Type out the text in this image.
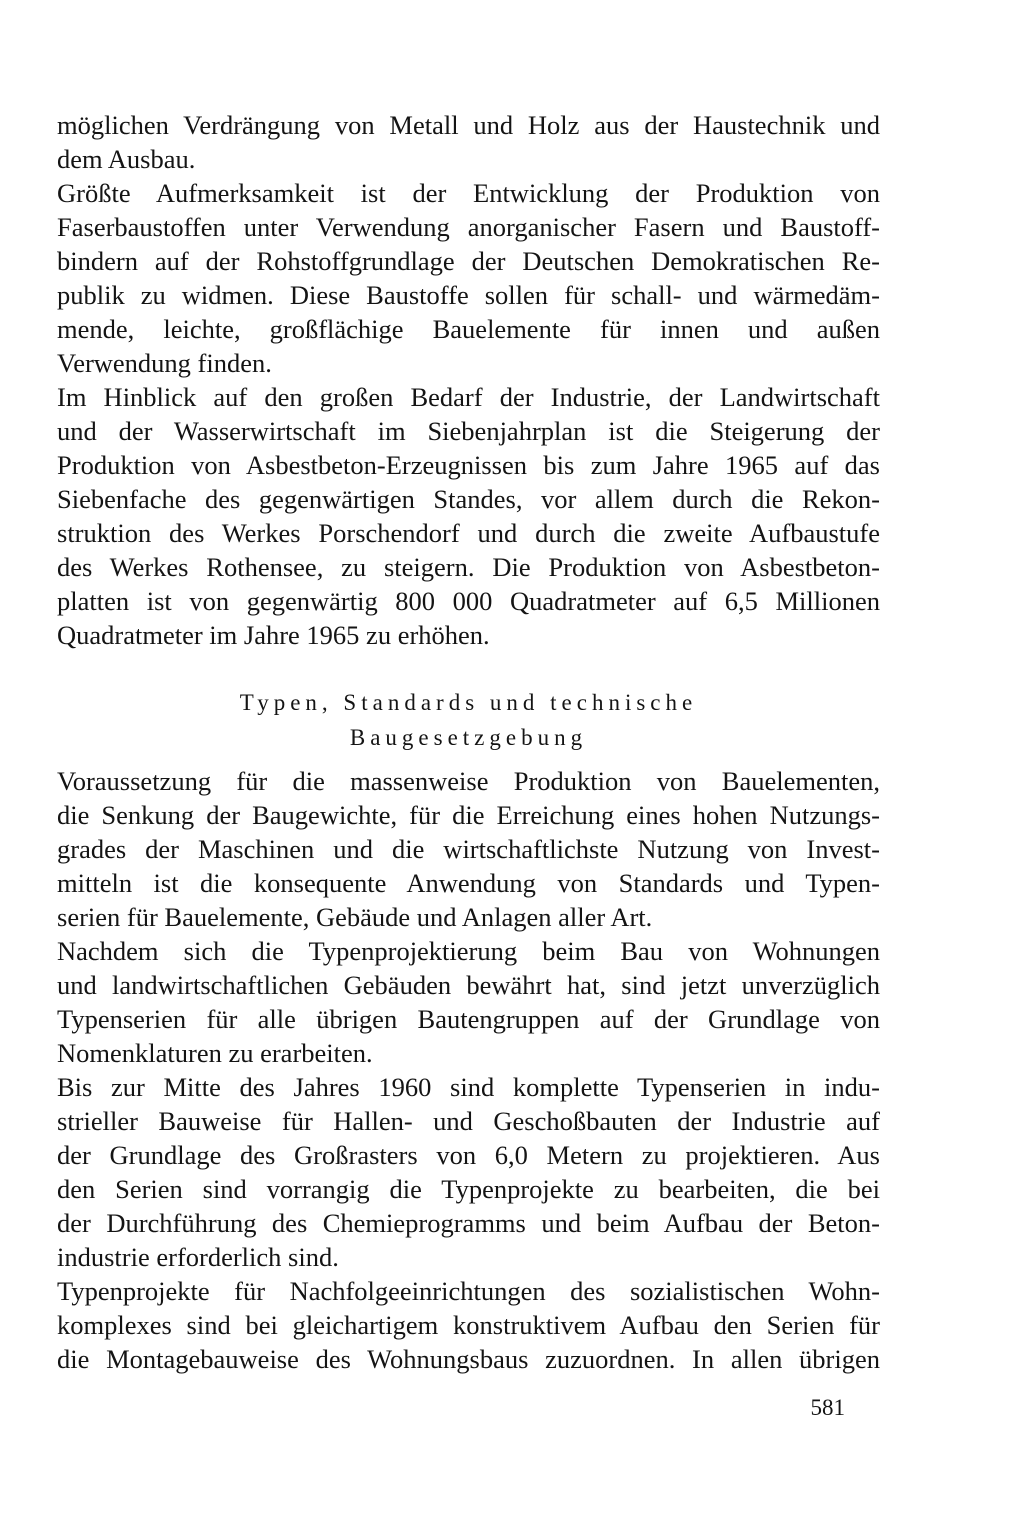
möglichen Verdrängung von Metall und Holz aus der Haustechnik und
dem Ausbau.
Größte Aufmerksamkeit ist der Entwicklung der Produktion von
Faserbaustoffen unter Verwendung anorganischer Fasern und Baustoff-
bindern auf der Rohstoffgrundlage der Deutschen Demokratischen Re-
publik zu widmen. Diese Baustoffe sollen für schall- und wärmedäm-
mende, leichte, großflächige Bauelemente für innen und außen
Verwendung finden.
Im Hinblick auf den großen Bedarf der Industrie, der Landwirtschaft
und der Wasserwirtschaft im Siebenjahrplan ist die Steigerung der
Produktion von Asbestbeton-Erzeugnissen bis zum Jahre 1965 auf das
Siebenfache des gegenwärtigen Standes, vor allem durch die Rekon-
struktion des Werkes Porschendorf und durch die zweite Aufbaustufe
des Werkes Rothensee, zu steigern. Die Produktion von Asbestbeton-
platten ist von gegenwärtig 800 000 Quadratmeter auf 6,5 Millionen
Quadratmeter im Jahre 1965 zu erhöhen.
Typen, Standards und technische
Baugesetzgebung
Voraussetzung für die massenweise Produktion von Bauelementen,
die Senkung der Baugewichte, für die Erreichung eines hohen Nutzungs-
grades der Maschinen und die wirtschaftlichste Nutzung von Invest-
mitteln ist die konsequente Anwendung von Standards und Typen-
serien für Bauelemente, Gebäude und Anlagen aller Art.
Nachdem sich die Typenprojektierung beim Bau von Wohnungen
und landwirtschaftlichen Gebäuden bewährt hat, sind jetzt unverzüglich
Typenserien für alle übrigen Bautengruppen auf der Grundlage von
Nomenklaturen zu erarbeiten.
Bis zur Mitte des Jahres 1960 sind komplette Typenserien in indu-
strieller Bauweise für Hallen- und Geschoßbauten der Industrie auf
der Grundlage des Großrasters von 6,0 Metern zu projektieren. Aus
den Serien sind vorrangig die Typenprojekte zu bearbeiten, die bei
der Durchführung des Chemieprogramms und beim Aufbau der Beton-
industrie erforderlich sind.
Typenprojekte für Nachfolgeeinrichtungen des sozialistischen Wohn-
komplexes sind bei gleichartigem konstruktivem Aufbau den Serien für
die Montagebauweise des Wohnungsbaus zuzuordnen. In allen übrigen
581
